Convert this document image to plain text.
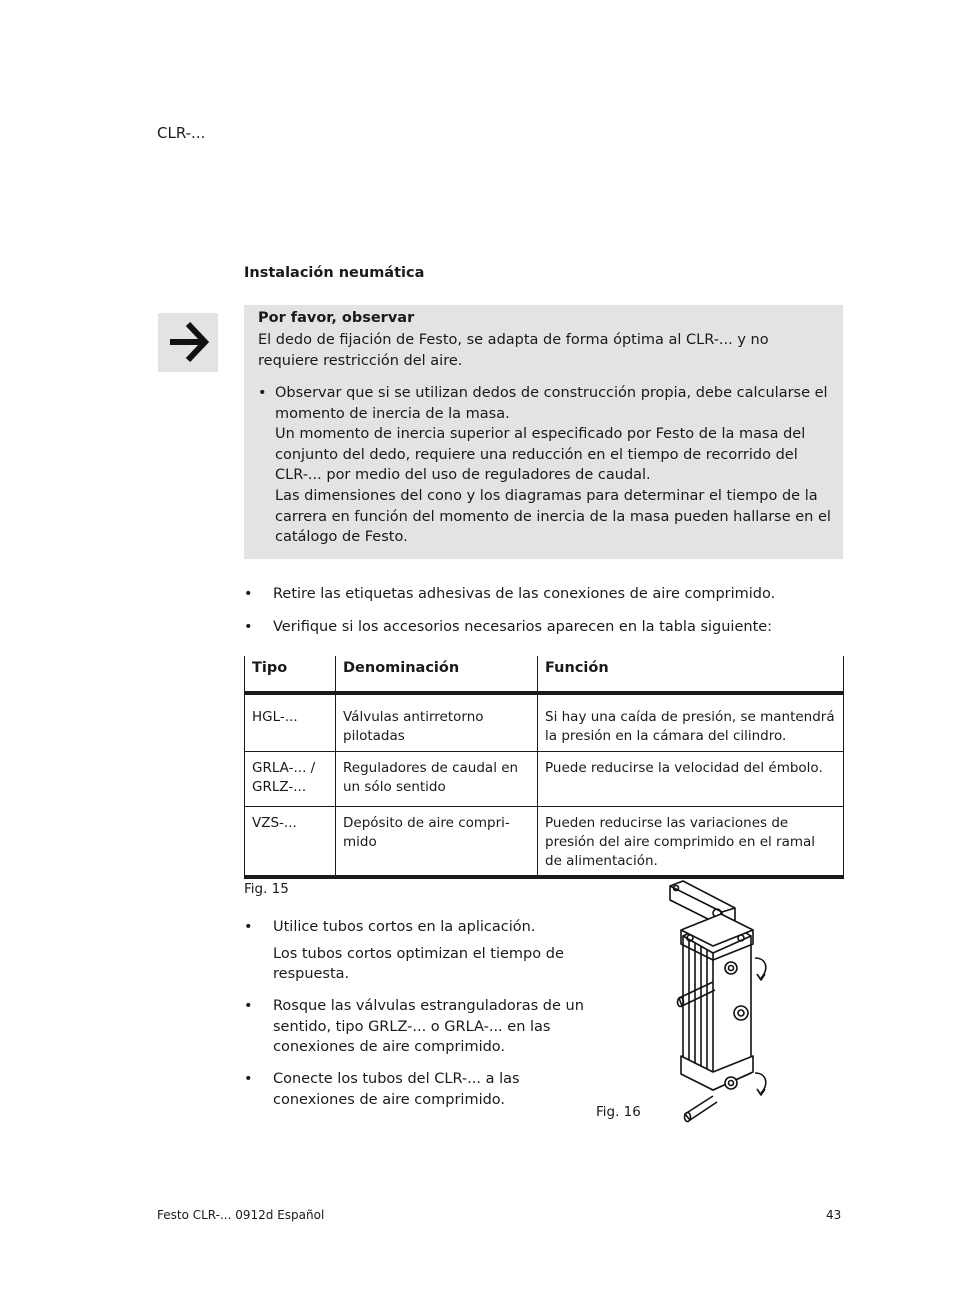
CLR-...
Instalación neumática
Por favor, observar
El dedo de fijación de Festo, se adapta de forma óptima al CLR-... y no requiere restricción del aire.
• Observar que si se utilizan dedos de construcción propia, debe calcularse el momento de inercia de la masa.

Un momento de inercia superior al especificado por Festo de la masa del conjunto del dedo, requiere una reducción en el tiempo de recorrido del CLR-... por medio del uso de reguladores de caudal.

Las dimensiones del cono y los diagramas para determinar el tiempo de la carrera en función del momento de inercia de la masa pueden hallarse en el catálogo de Festo.

• Retire las etiquetas adhesivas de las conexiones de aire comprimido.
• Verifique si los accesorios necesarios aparecen en la tabla siguiente:
Tipo	Denominación	Función
HGL-...	Válvulas antirretorno pilotadas	Si hay una caída de presión, se mantendrá la presión en la cámara del cilindro.
GRLA-... / GRLZ-...	Reguladores de caudal en un sólo sentido	Puede reducirse la velocidad del émbolo.
VZS-...	Depósito de aire compri-mido	Pueden reducirse las variaciones de presión del aire comprimido en el ramal de alimentación.
Fig. 15
• Utilice tubos cortos en la aplicación.
Los tubos cortos optimizan el tiempo de respuesta.
• Rosque las válvulas estranguladoras de un sentido, tipo GRLZ-... o GRLA-... en las conexiones de aire comprimido.
• Conecte los tubos del CLR-... a las conexiones de aire comprimido.
Fig. 16
Festo CLR-... 0912d Español	43
